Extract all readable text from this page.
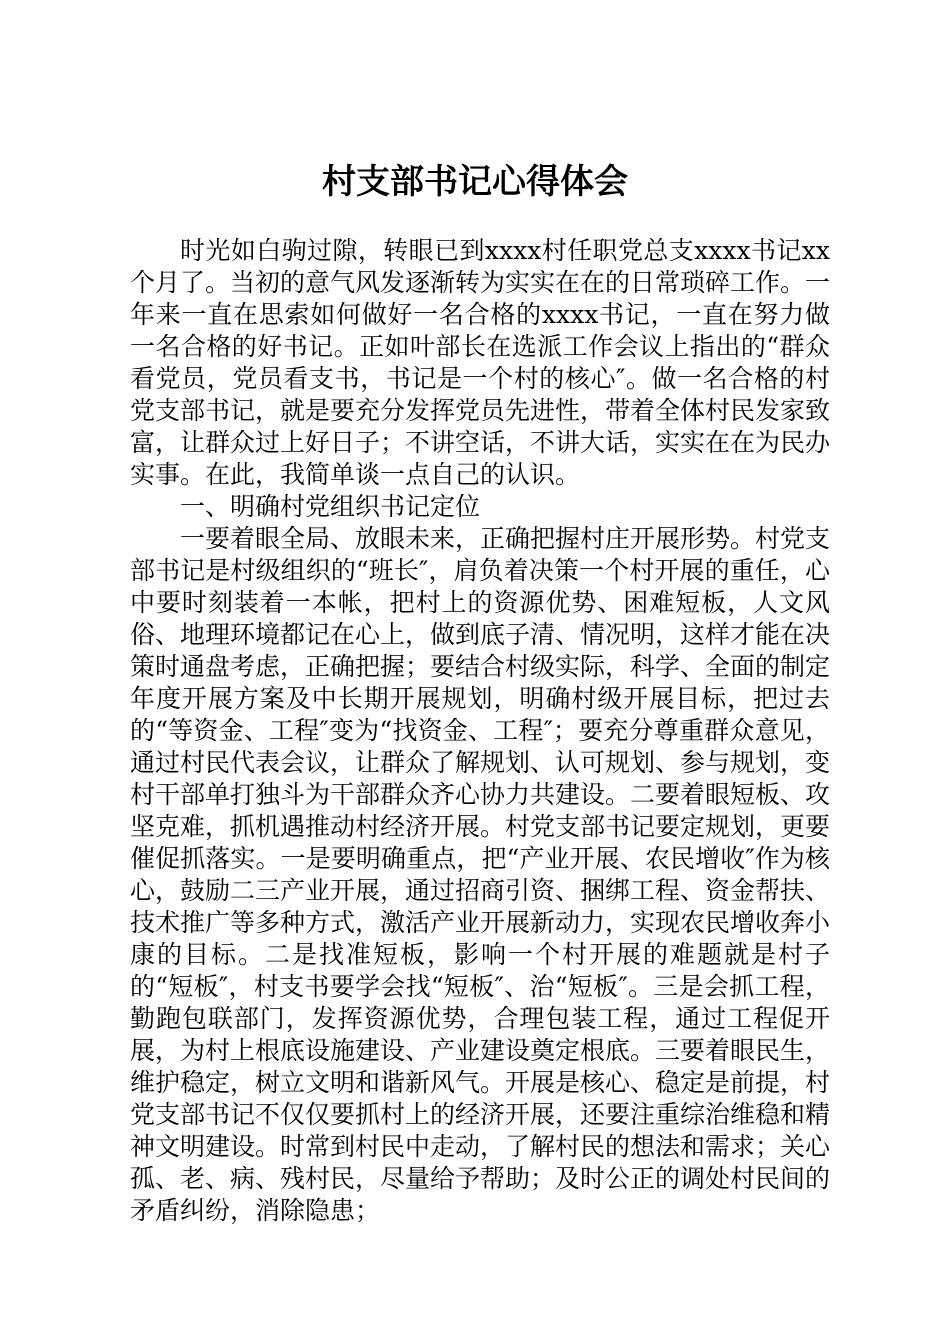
村支部书记心得体会

时光如白驹过隙，转眼已到xxxx村任职党总支xxxx书记xx个月了。当初的意气风发逐渐转为实实在在的日常琐碎工作。一年来一直在思索如何做好一名合格的xxxx书记，一直在努力做一名合格的好书记。正如叶部长在选派工作会议上指出的“群众看党员，党员看支书，书记是一个村的核心″。做一名合格的村党支部书记，就是要充分发挥党员先进性，带着全体村民发家致富，让群众过上好日子；不讲空话，不讲大话，实实在在为民办实事。在此，我简单谈一点自己的认识。

一、明确村党组织书记定位

一要着眼全局、放眼未来，正确把握村庄开展形势。村党支部书记是村级组织的“班长″，肩负着决策一个村开展的重任，心中要时刻装着一本帐，把村上的资源优势、困难短板，人文风俗、地理环境都记在心上，做到底子清、情况明，这样才能在决策时通盘考虑，正确把握；要结合村级实际，科学、全面的制定年度开展方案及中长期开展规划，明确村级开展目标，把过去的“等资金、工程″变为“找资金、工程″；要充分尊重群众意见，通过村民代表会议，让群众了解规划、认可规划、参与规划，变村干部单打独斗为干部群众齐心协力共建设。二要着眼短板、攻坚克难，抓机遇推动村经济开展。村党支部书记要定规划，更要催促抓落实。一是要明确重点，把“产业开展、农民增收″作为核心，鼓励二三产业开展，通过招商引资、捆绑工程、资金帮扶、技术推广等多种方式，激活产业开展新动力，实现农民增收奔小康的目标。二是找准短板，影响一个村开展的难题就是村子的“短板″，村支书要学会找“短板″、治“短板″。三是会抓工程，勤跑包联部门，发挥资源优势，合理包装工程，通过工程促开展，为村上根底设施建设、产业建设奠定根底。三要着眼民生，维护稳定，树立文明和谐新风气。开展是核心、稳定是前提，村党支部书记不仅仅要抓村上的经济开展，还要注重综治维稳和精神文明建设。时常到村民中走动，了解村民的想法和需求；关心孤、老、病、残村民，尽量给予帮助；及时公正的调处村民间的矛盾纠纷，消除隐患；
